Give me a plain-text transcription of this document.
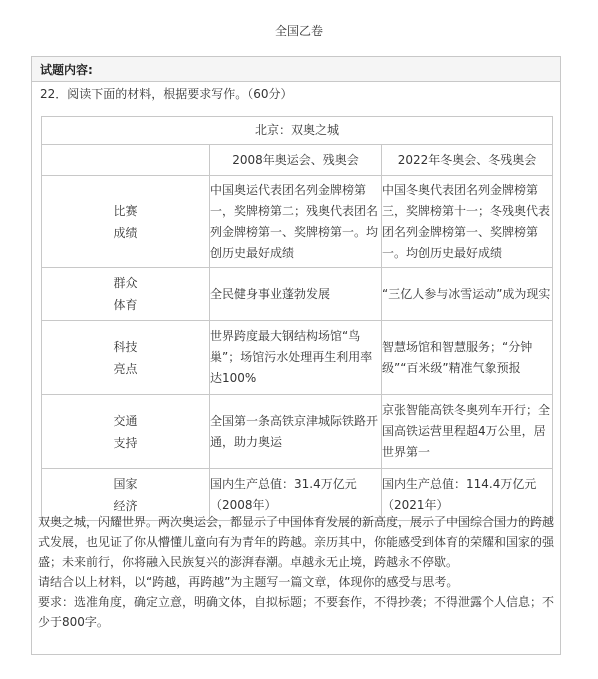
全国乙卷
试题内容:
22．阅读下面的材料，根据要求写作。（60分）
北京：双奥之城		
	2008年奥运会、残奥会	2022年冬奥会、冬残奥会

比赛
成绩	中国奥运代表团名列金牌榜第一，奖牌榜第二；残奥代表团名列金牌榜第一、奖牌榜第一。均创历史最好成绩	中国冬奥代表团名列金牌榜第三，奖牌榜第十一；冬残奥代表团名列金牌榜第一、奖牌榜第一。均创历史最好成绩

群众
体育	全民健身事业蓬勃发展	“三亿人参与冰雪运动”成为现实

科技
亮点	世界跨度最大钢结构场馆“鸟巢”；场馆污水处理再生利用率达100%	智慧场馆和智慧服务；“分钟级”“百米级”精准气象预报

交通
支持	全国第一条高铁京津城际铁路开通，助力奥运	京张智能高铁冬奥列车开行；全国高铁运营里程超4万公里，居世界第一

国家
经济	国内生产总值：31.4万亿元（2008年）	国内生产总值：114.4万亿元（2021年）

双奥之城，闪耀世界。两次奥运会，都显示了中国体育发展的新高度，展示了中国综合国力的跨越式发展，也见证了你从懵懂儿童向有为青年的跨越。亲历其中，你能感受到体育的荣耀和国家的强盛；未来前行，你将融入民族复兴的澎湃春潮。卓越永无止境，跨越永不停歇。

请结合以上材料，以“跨越，再跨越”为主题写一篇文章，体现你的感受与思考。

要求：选准角度，确定立意，明确文体，自拟标题；不要套作，不得抄袭；不得泄露个人信息；不少于800字。
